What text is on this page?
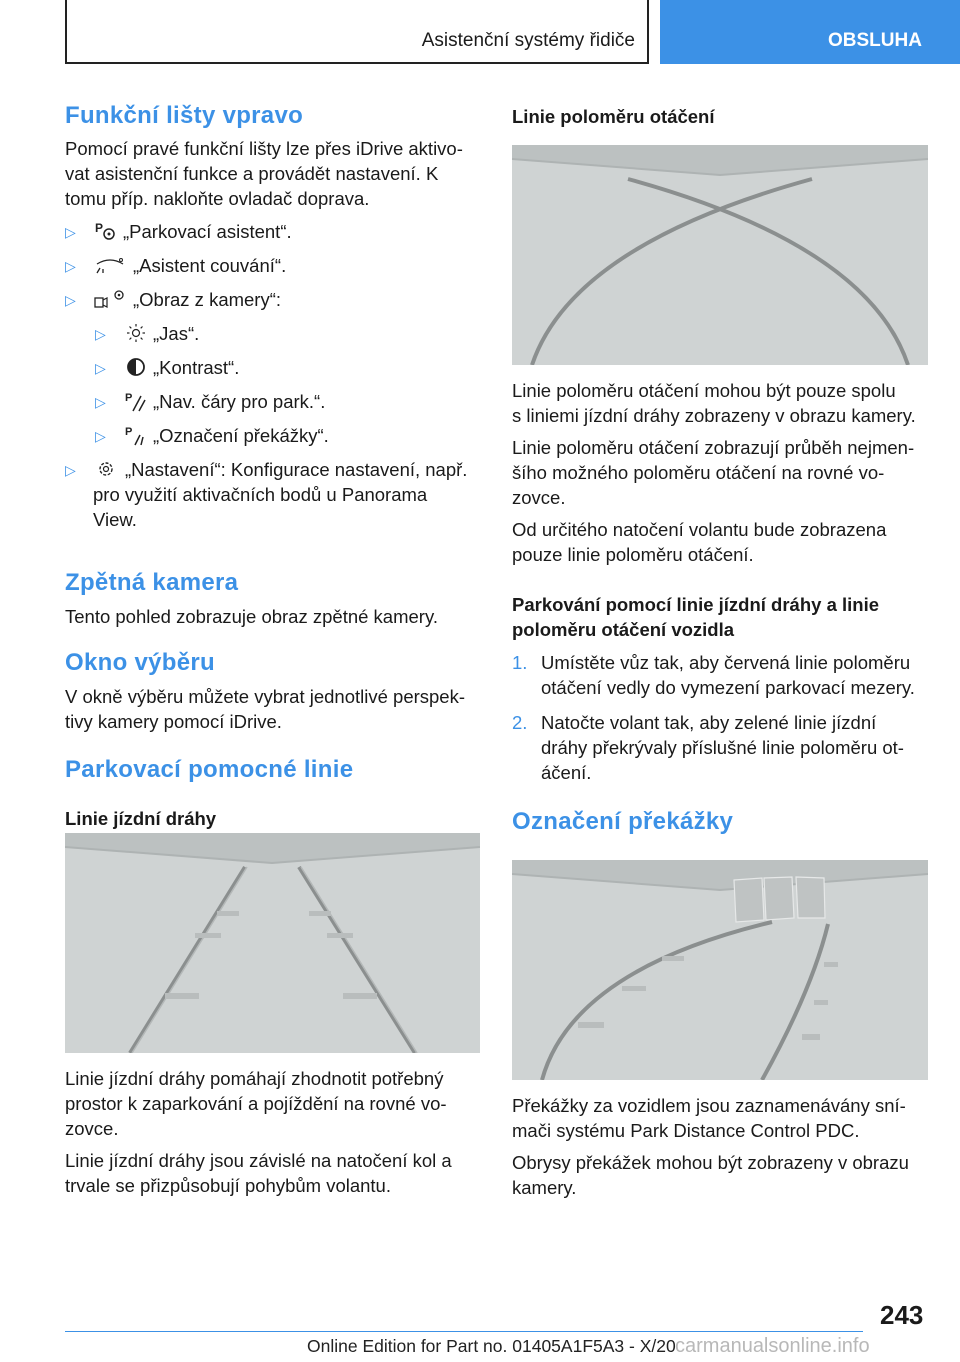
Asistenční systémy řidiče	OBSLUHA
Funkční lišty vpravo

Pomocí pravé funkční lišty lze přes iDrive aktivo-

vat asistenční funkce a provádět nastavení. K

tomu příp. nakloňte ovladač doprava.

▷ P „Parkovací asistent“.
▷	„Asistent couvání“.
▷	„Obraz z kamery“:
▷	„Jas“.
▷	„Kontrast“.
▷ P „Nav. čáry pro park.“.
▷ P „Označení překážky“.
▷	„Nastavení“: Konfigurace nastavení, např.
pro využití aktivačních bodů u Panorama
View.
Zpětná kamera

Tento pohled zobrazuje obraz zpětné kamery.

Okno výběru

V okně výběru můžete vybrat jednotlivé perspek-

tivy kamery pomocí iDrive.

Parkovací pomocné linie
Linie jízdní dráhy

Linie jízdní dráhy pomáhají zhodnotit potřebný

prostor k zaparkování a pojíždění na rovné vo-

zovce.

Linie jízdní dráhy jsou závislé na natočení kol a

trvale se přizpůsobují pohybům volantu.

Linie poloměru otáčení

Linie poloměru otáčení mohou být pouze spolu

s liniemi jízdní dráhy zobrazeny v obrazu kamery.

Linie poloměru otáčení zobrazují průběh nejmen-

šího možného poloměru otáčení na rovné vo-

zovce.

Od určitého natočení volantu bude zobrazena

pouze linie poloměru otáčení.

Parkování pomocí linie jízdní dráhy a linie
poloměru otáčení vozidla
1. Umístěte vůz tak, aby červená linie poloměru
otáčení vedly do vymezení parkovací mezery.
2. Natočte volant tak, aby zelené linie jízdní
dráhy překrývaly příslušné linie poloměru ot-
áčení.
Označení překážky

Překážky za vozidlem jsou zaznamenávány sní-

mači systému Park Distance Control PDC.

Obrysy překážek mohou být zobrazeny v obrazu

kamery.

243
Online Edition for Part no. 01405A1F5A3 - X/20 carmanualsonline.info
